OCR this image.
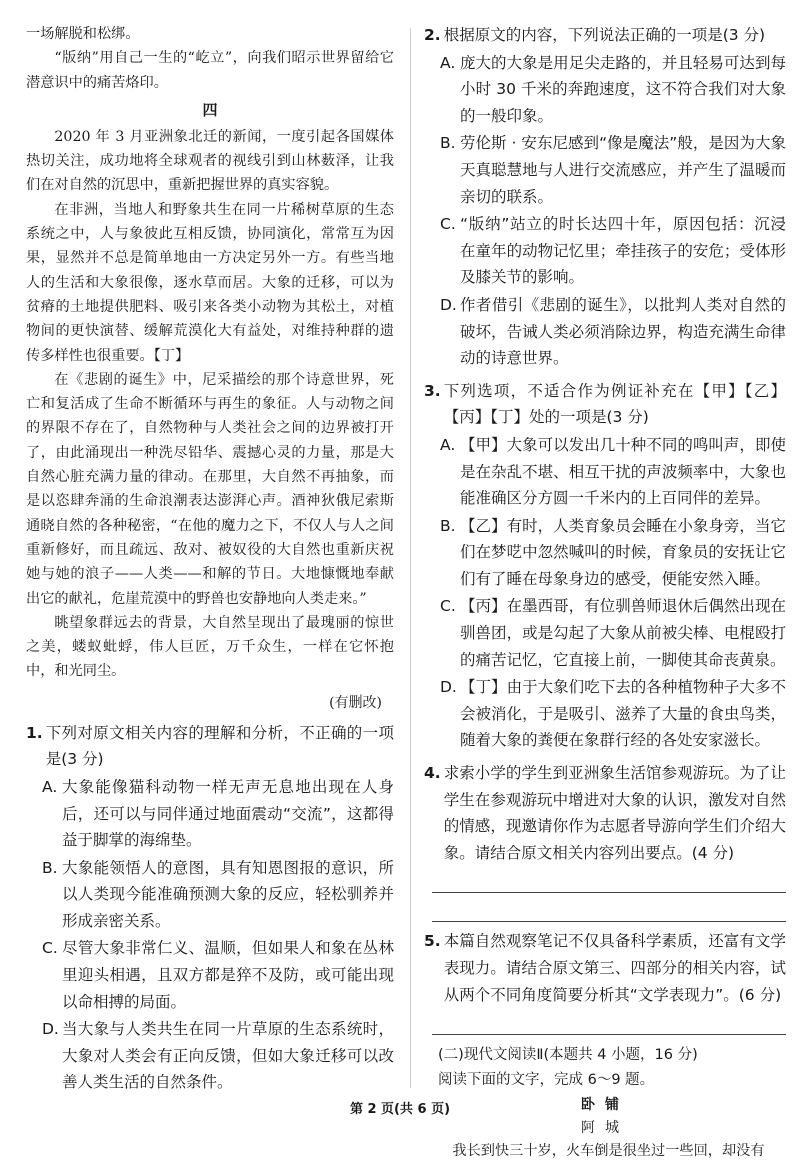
一场解脱和松绑。

“版纳”用自己一生的“屹立”，向我们昭示世界留给它潜意识中的痛苦烙印。

四

2020 年 3 月亚洲象北迁的新闻，一度引起各国媒体热切关注，成功地将全球观者的视线引到山林薮泽，让我们在对自然的沉思中，重新把握世界的真实容貌。

在非洲，当地人和野象共生在同一片稀树草原的生态系统之中，人与象彼此互相反馈，协同演化，常常互为因果，显然并不总是简单地由一方决定另外一方。有些当地人的生活和大象很像，逐水草而居。大象的迁移，可以为贫瘠的土地提供肥料、吸引来各类小动物为其松土，对植物间的更快演替、缓解荒漠化大有益处，对维持种群的遗传多样性也很重要。【丁】

在《悲剧的诞生》中，尼采描绘的那个诗意世界，死亡和复活成了生命不断循环与再生的象征。人与动物之间的界限不存在了，自然物种与人类社会之间的边界被打开了，由此涌现出一种洗尽铅华、震撼心灵的力量，那是大自然心脏充满力量的律动。在那里，大自然不再抽象，而是以恣肆奔涌的生命浪潮表达澎湃心声。酒神狄俄尼索斯通晓自然的各种秘密，“在他的魔力之下，不仅人与人之间重新修好，而且疏远、敌对、被奴役的大自然也重新庆祝她与她的浪子——人类——和解的节日。大地慷慨地奉献出它的献礼，危崖荒漠中的野兽也安静地向人类走来。”

眺望象群远去的背景，大自然呈现出了最瑰丽的惊世之美，蝼蚁蚍蜉，伟人巨匠，万千众生，一样在它怀抱中，和光同尘。

(有删改)

1. 下列对原文相关内容的理解和分析，不正确的一项是(3 分)
A. 大象能像猫科动物一样无声无息地出现在人身后，还可以与同伴通过地面震动“交流”，这都得益于脚掌的海绵垫。
B. 大象能领悟人的意图，具有知恩图报的意识，所以人类现今能准确预测大象的反应，轻松驯养并形成亲密关系。
C. 尽管大象非常仁义、温顺，但如果人和象在丛林里迎头相遇，且双方都是猝不及防，或可能出现以命相搏的局面。
D. 当大象与人类共生在同一片草原的生态系统时，大象对人类会有正向反馈，但如大象迁移可以改善人类生活的自然条件。
2. 根据原文的内容，下列说法正确的一项是(3 分)
A. 庞大的大象是用足尖走路的，并且轻易可达到每小时 30 千米的奔跑速度，这不符合我们对大象的一般印象。
B. 劳伦斯 · 安东尼感到“像是魔法”般，是因为大象天真聪慧地与人进行交流感应，并产生了温暖而亲切的联系。
C. “版纳”站立的时长达四十年，原因包括：沉浸在童年的动物记忆里；牵挂孩子的安危；受体形及膝关节的影响。
D. 作者借引《悲剧的诞生》，以批判人类对自然的破坏，告诫人类必须消除边界，构造充满生命律动的诗意世界。
3. 下列选项，不适合作为例证补充在【甲】【乙】【丙】【丁】处的一项是(3 分)
A. 【甲】大象可以发出几十种不同的鸣叫声，即使是在杂乱不堪、相互干扰的声波频率中，大象也能准确区分方圆一千米内的上百同伴的差异。
B. 【乙】有时，人类育象员会睡在小象身旁，当它们在梦呓中忽然喊叫的时候，育象员的安抚让它们有了睡在母象身边的感受，便能安然入睡。
C. 【丙】在墨西哥，有位驯兽师退休后偶然出现在驯兽团，或是勾起了大象从前被尖棒、电棍殴打的痛苦记忆，它直接上前，一脚使其命丧黄泉。
D. 【丁】由于大象们吃下去的各种植物种子大多不会被消化，于是吸引、滋养了大量的食虫鸟类，随着大象的粪便在象群行经的各处安家滋长。
4. 求索小学的学生到亚洲象生活馆参观游玩。为了让学生在参观游玩中增进对大象的认识，激发对自然的情感，现邀请你作为志愿者导游向学生们介绍大象。请结合原文相关内容列出要点。(4 分)
5. 本篇自然观察笔记不仅具备科学素质，还富有文学表现力。请结合原文第三、四部分的相关内容，试从两个不同角度简要分析其“文学表现力”。(6 分)

(二)现代文阅读Ⅱ(本题共 4 小题，16 分)

阅读下面的文字，完成 6～9 题。

卧铺

阿城

我长到快三十岁，火车倒是很坐过一些回，却没有

第 2 页(共 6 页)
